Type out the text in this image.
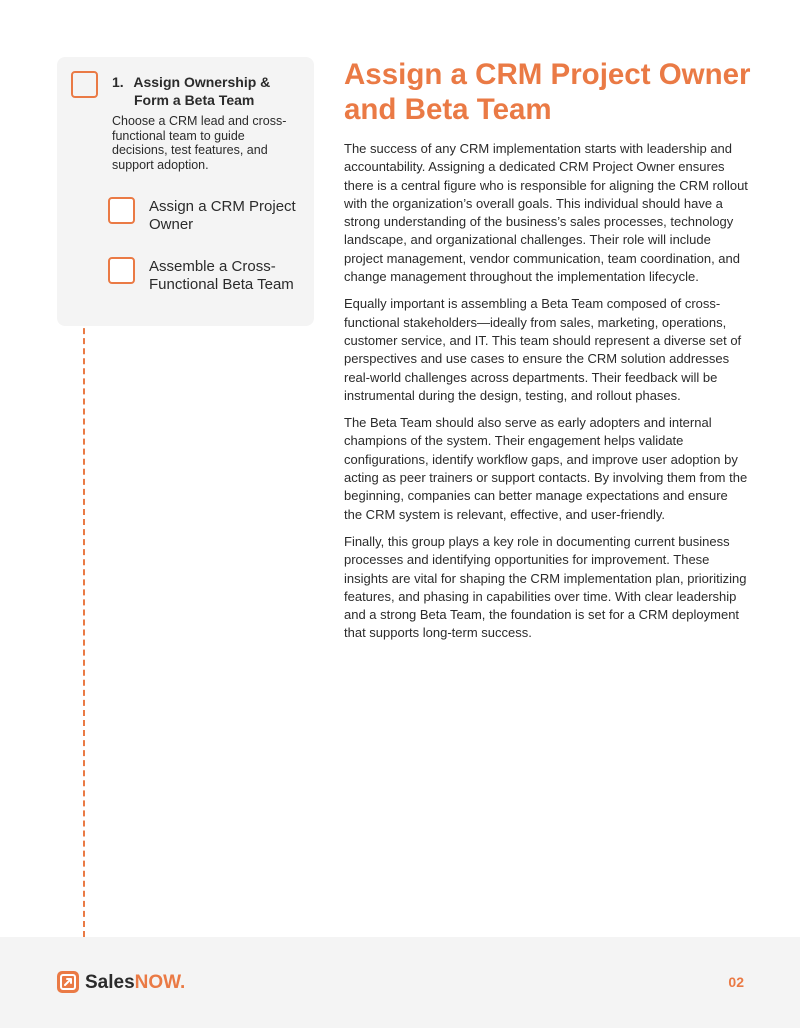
1. Assign Ownership &
Form a Beta Team
Choose a CRM lead and cross-functional team to guide decisions, test features, and support adoption.
Assign a CRM Project Owner
Assemble a Cross-Functional Beta Team
Assign a CRM Project Owner and Beta Team

The success of any CRM implementation starts with leadership and accountability. Assigning a dedicated CRM Project Owner ensures there is a central figure who is responsible for aligning the CRM rollout with the organization’s overall goals. This individual should have a strong understanding of the business’s sales processes, technology landscape, and organizational challenges. Their role will include project management, vendor communication, team coordination, and change management throughout the implementation lifecycle.

Equally important is assembling a Beta Team composed of cross-functional stakeholders—ideally from sales, marketing, operations, customer service, and IT. This team should represent a diverse set of perspectives and use cases to ensure the CRM solution addresses real-world challenges across departments. Their feedback will be instrumental during the design, testing, and rollout phases.

The Beta Team should also serve as early adopters and internal champions of the system. Their engagement helps validate configurations, identify workflow gaps, and improve user adoption by acting as peer trainers or support contacts. By involving them from the beginning, companies can better manage expectations and ensure the CRM system is relevant, effective, and user-friendly.

Finally, this group plays a key role in documenting current business processes and identifying opportunities for improvement. These insights are vital for shaping the CRM implementation plan, prioritizing features, and phasing in capabilities over time. With clear leadership and a strong Beta Team, the foundation is set for a CRM deployment that supports long-term success.

SalesNOW.	02
